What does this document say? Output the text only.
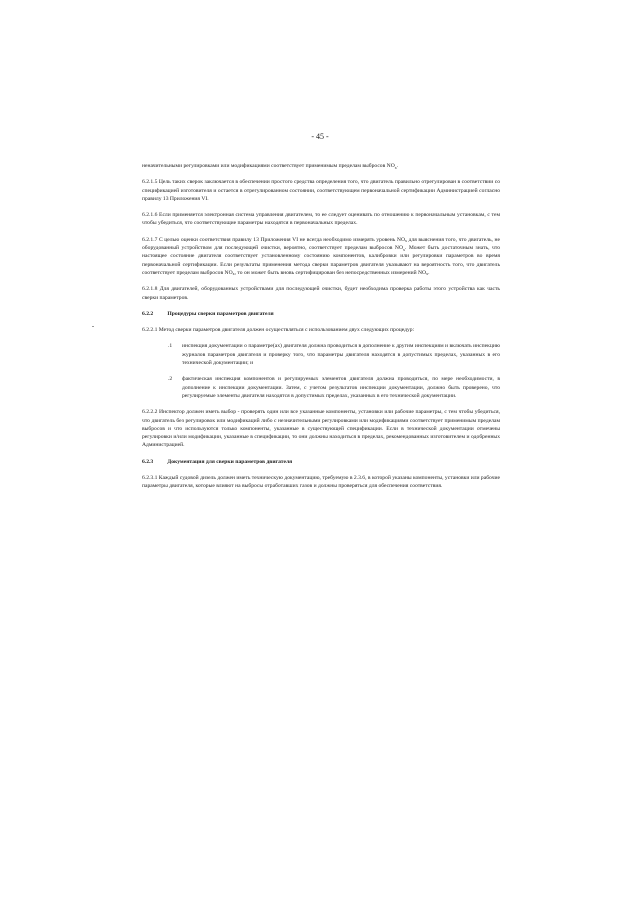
- 45 -

неначительными регулировками или модификациями соответствует применимым пределам выбросов $NO_x$.

6.2.1.5 Цель таких сверок заключается в обеспечении простого средства определения того, что двигатель правильно отрегулирован в соответствии со спецификацией изготовителя и остается в отрегулированном состоянии, соответствующем первоначальной сертификации Администрацией согласно правилу 13 Приложения VI.

6.2.1.6 Если применяется электронная система управления двигателем, то ее следует оценивать по отношению к первоначальным установкам, с тем чтобы убедиться, что соответствующие параметры находятся в первоначальных пределах.

6.2.1.7 С целью оценки соответствия правилу 13 Приложения VI не всегда необходимо измерять уровень $NO_x$ для выяснения того, что двигатель, не оборудованный устройством для последующей очистки, вероятно, соответствует пределам выбросов $NO_x$. Может быть достаточным знать, что настоящее состояние двигателя соответствует установленному состоянию компонентов, калибровки или регулировки параметров во время первоначальной сертификации. Если результаты применения метода сверки параметров двигателя указывают на вероятность того, что двигатель соответствует пределам выбросов $NO_x$, то он может быть вновь сертифицирован без непосредственных измерений $NO_x$.

6.2.1.8 Для двигателей, оборудованных устройствами для последующей очистки, будет необходима проверка работы этого устройства как часть сверки параметров.

6.2.2	Процедуры сверки параметров двигателя

6.2.2.1 Метод сверки параметров двигателя должен осуществляться с использованием двух следующих процедур:

.1	инспекция документации о параметре(ах) двигателя должна проводиться в дополнение к другим инспекциям и включать инспекцию журналов параметров двигателя и проверку того, что параметры двигателя находятся в допустимых пределах, указанных в его технической документации; и
.2	фактическая инспекция компонентов и регулируемых элементов двигателя должна проводиться, по мере необходимости, в дополнение к инспекции документации. Затем, с учетом результатов инспекции документации, должно быть проверено, что регулируемые элементы двигателя находятся в допустимых пределах, указанных в его технической документации.

6.2.2.2 Инспектор должен иметь выбор - проверять один или все указанные компоненты, установки или рабочие параметры, с тем чтобы убедиться, что двигатель без регулировок или модификаций либо с незначительными регулировками или модификациями соответствует применимым пределам выбросов и что используются только компоненты, указанные в существующей спецификации. Если в технической документации отмечены регулировки и/или модификации, указанные в спецификации, то они должны находиться в пределах, рекомендованных изготовителем и одобренных Администрацией.

6.2.3	Документация для сверки параметров двигателя

6.2.3.1 Каждый судовой дизель должен иметь техническую документацию, требуемую в 2.3.6, в которой указаны компоненты, установки или рабочие параметры двигателя, которые влияют на выбросы отработавших газов и должны проверяться для обеспечения соответствия.
